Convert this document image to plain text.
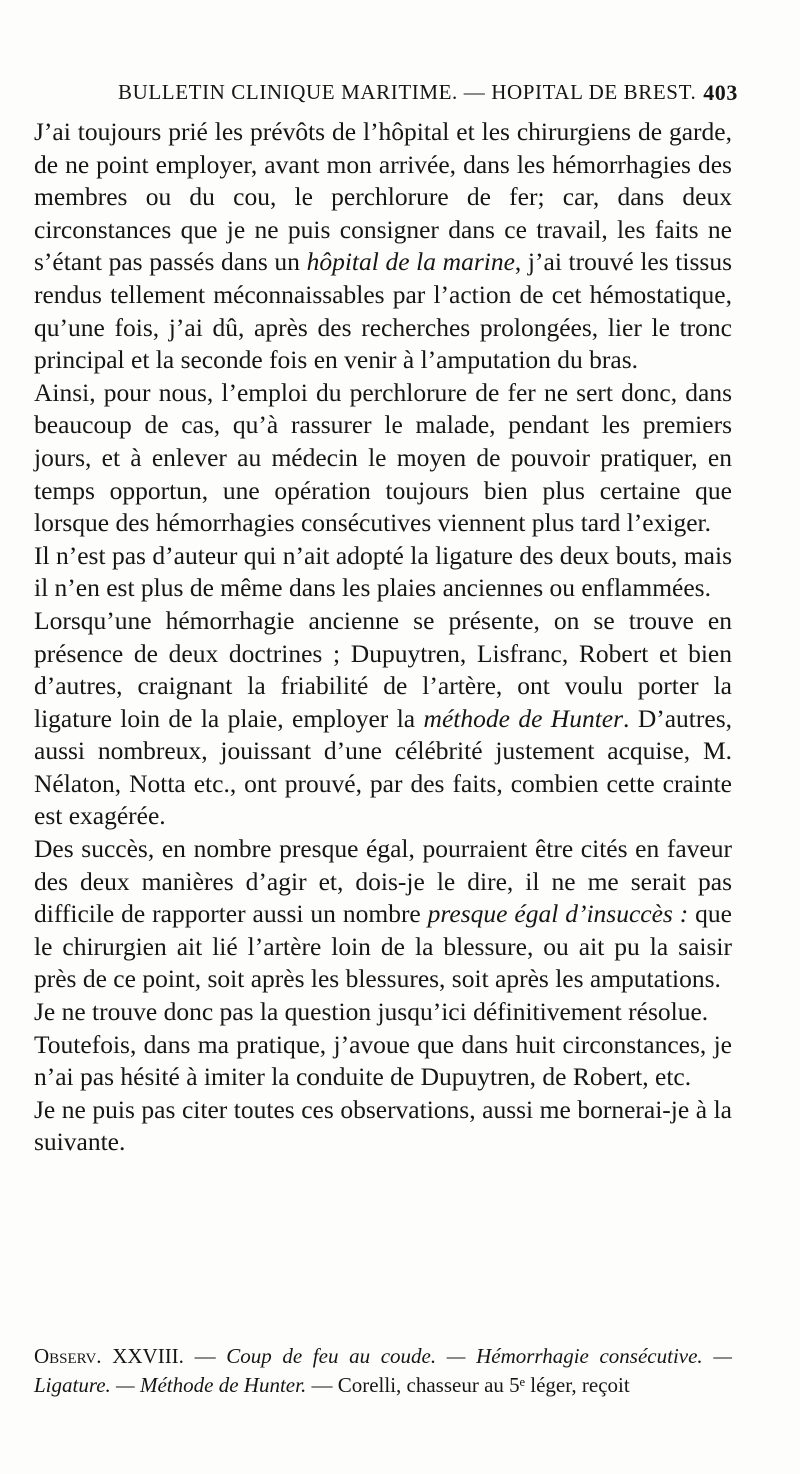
BULLETIN CLINIQUE MARITIME. — HOPITAL DE BREST. 403

J’ai toujours prié les prévôts de l’hôpital et les chirurgiens de garde, de ne point employer, avant mon arrivée, dans les hémorrhagies des membres ou du cou, le perchlorure de fer; car, dans deux circonstances que je ne puis consigner dans ce travail, les faits ne s’étant pas passés dans un hôpital de la marine, j’ai trouvé les tissus rendus tellement méconnaissables par l’action de cet hémostatique, qu’une fois, j’ai dû, après des recherches prolongées, lier le tronc principal et la seconde fois en venir à l’amputation du bras.

Ainsi, pour nous, l’emploi du perchlorure de fer ne sert donc, dans beaucoup de cas, qu’à rassurer le malade, pendant les premiers jours, et à enlever au médecin le moyen de pouvoir pratiquer, en temps opportun, une opération toujours bien plus certaine que lorsque des hémorrhagies consécutives viennent plus tard l’exiger.

Il n’est pas d’auteur qui n’ait adopté la ligature des deux bouts, mais il n’en est plus de même dans les plaies anciennes ou enflammées.

Lorsqu’une hémorrhagie ancienne se présente, on se trouve en présence de deux doctrines ; Dupuytren, Lisfranc, Robert et bien d’autres, craignant la friabilité de l’artère, ont voulu porter la ligature loin de la plaie, employer la méthode de Hunter. D’autres, aussi nombreux, jouissant d’une célébrité justement acquise, M. Nélaton, Notta etc., ont prouvé, par des faits, combien cette crainte est exagérée.

Des succès, en nombre presque égal, pourraient être cités en faveur des deux manières d’agir et, dois-je le dire, il ne me serait pas difficile de rapporter aussi un nombre presque égal d’insuccès : que le chirurgien ait lié l’artère loin de la blessure, ou ait pu la saisir près de ce point, soit après les blessures, soit après les amputations.

Je ne trouve donc pas la question jusqu’ici définitivement résolue.

Toutefois, dans ma pratique, j’avoue que dans huit circonstances, je n’ai pas hésité à imiter la conduite de Dupuytren, de Robert, etc.

Je ne puis pas citer toutes ces observations, aussi me bornerai-je à la suivante.

Observ. XXVIII. — Coup de feu au coude. — Hémorrhagie consécutive. — Ligature. — Méthode de Hunter. — Corelli, chasseur au 5ᵉ léger, reçoit
